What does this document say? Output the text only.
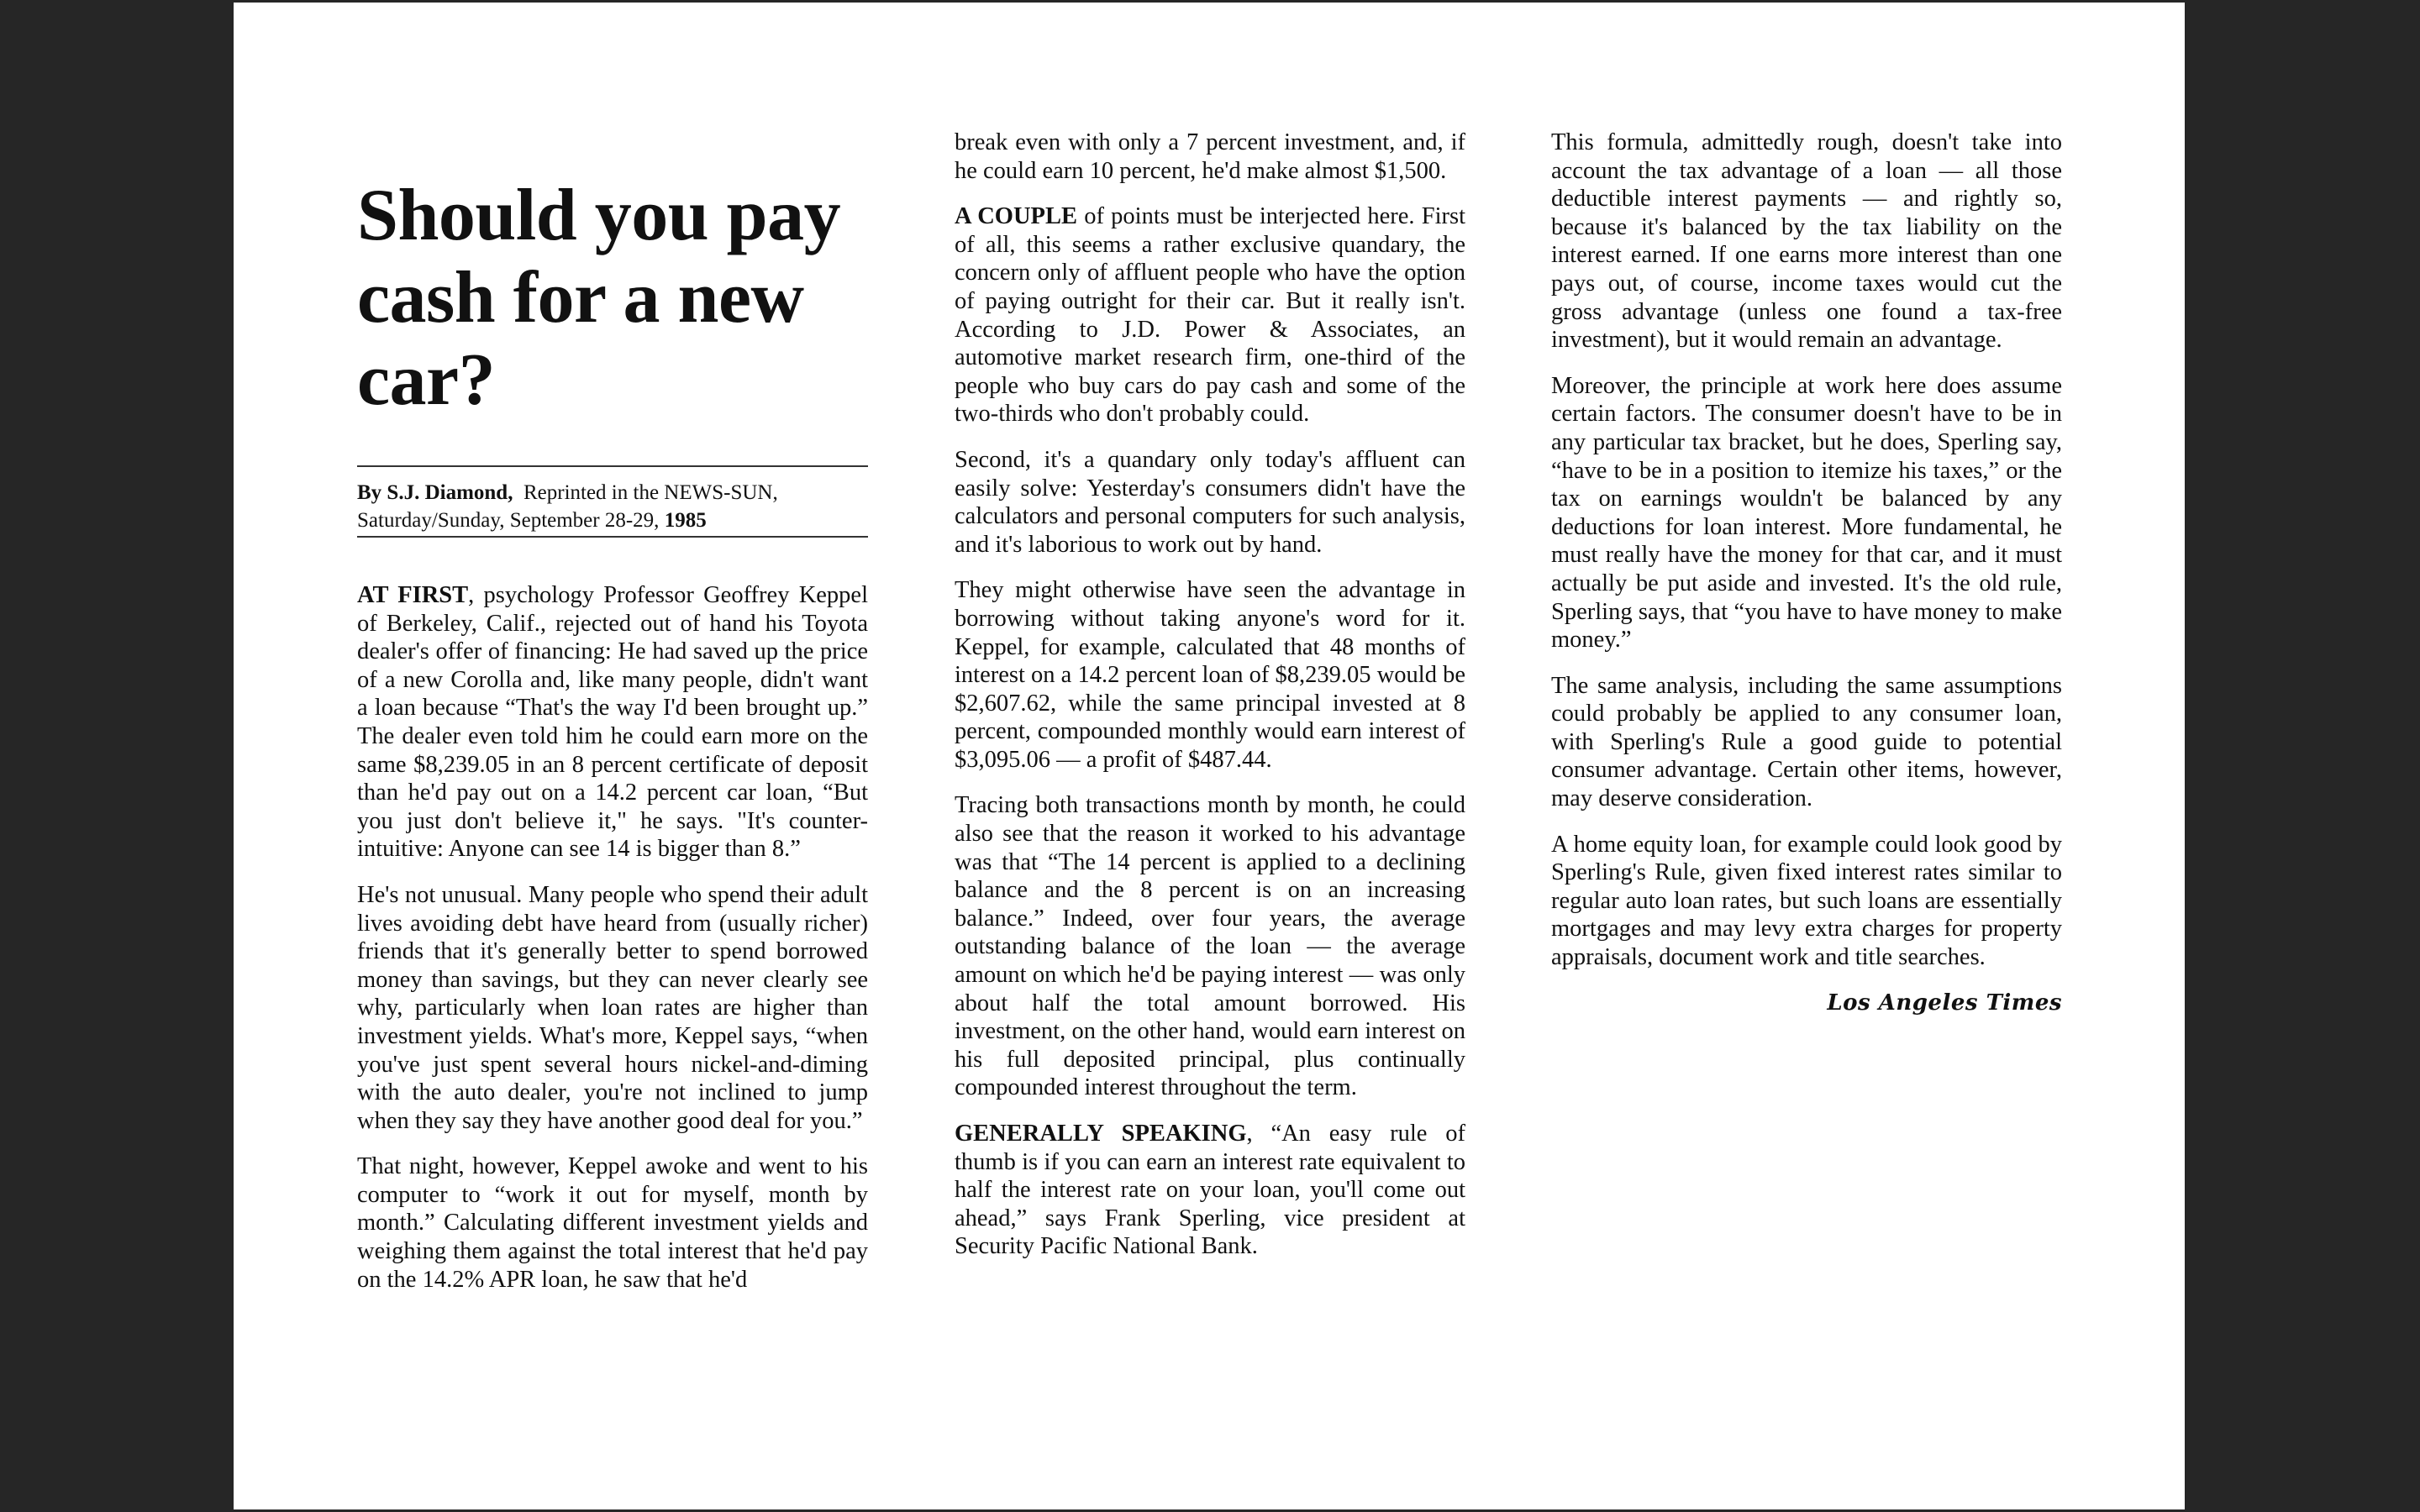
Should you pay cash for a new car?
By S.J. Diamond, Reprinted in the NEWS-SUN,
Saturday/Sunday, September 28-29, 1985

AT FIRST, psychology Professor Geoffrey Keppel of Berkeley, Calif., rejected out of hand his Toyota dealer's offer of financing: He had saved up the price of a new Corolla and, like many people, didn't want a loan because “That's the way I'd been brought up.” The dealer even told him he could earn more on the same $8,239.05 in an 8 percent certificate of deposit than he'd pay out on a 14.2 percent car loan, “But you just don't believe it," he says. "It's counter-intuitive: Anyone can see 14 is bigger than 8.”

He's not unusual. Many people who spend their adult lives avoiding debt have heard from (usually richer) friends that it's generally better to spend borrowed money than savings, but they can never clearly see why, particularly when loan rates are higher than investment yields. What's more, Keppel says, “when you've just spent several hours nickel-and-diming with the auto dealer, you're not inclined to jump when they say they have another good deal for you.”

That night, however, Keppel awoke and went to his computer to “work it out for myself, month by month.” Calculating different investment yields and weighing them against the total interest that he'd pay on the 14.2% APR loan, he saw that he'd

break even with only a 7 percent investment, and, if he could earn 10 percent, he'd make almost $1,500.

A COUPLE of points must be interjected here. First of all, this seems a rather exclusive quandary, the concern only of affluent people who have the option of paying outright for their car. But it really isn't. According to J.D. Power & Associates, an automotive market research firm, one-third of the people who buy cars do pay cash and some of the two-thirds who don't probably could.

Second, it's a quandary only today's affluent can easily solve: Yesterday's consumers didn't have the calculators and personal computers for such analysis, and it's laborious to work out by hand.

They might otherwise have seen the advantage in borrowing without taking anyone's word for it. Keppel, for example, calculated that 48 months of interest on a 14.2 percent loan of $8,239.05 would be $2,607.62, while the same principal invested at 8 percent, compounded monthly would earn interest of $3,095.06 — a profit of $487.44.

Tracing both transactions month by month, he could also see that the reason it worked to his advantage was that “The 14 percent is applied to a declining balance and the 8 percent is on an increasing balance.” Indeed, over four years, the average outstanding balance of the loan — the average amount on which he'd be paying interest — was only about half the total amount borrowed. His investment, on the other hand, would earn interest on his full deposited principal, plus continually compounded interest throughout the term.

GENERALLY SPEAKING, “An easy rule of thumb is if you can earn an interest rate equivalent to half the interest rate on your loan, you'll come out ahead,” says Frank Sperling, vice president at Security Pacific National Bank.

This formula, admittedly rough, doesn't take into account the tax advantage of a loan — all those deductible interest payments — and rightly so, because it's balanced by the tax liability on the interest earned. If one earns more interest than one pays out, of course, income taxes would cut the gross advantage (unless one found a tax-free investment), but it would remain an advantage.

Moreover, the principle at work here does assume certain factors. The consumer doesn't have to be in any particular tax bracket, but he does, Sperling say, “have to be in a position to itemize his taxes,” or the tax on earnings wouldn't be balanced by any deductions for loan interest. More fundamental, he must really have the money for that car, and it must actually be put aside and invested. It's the old rule, Sperling says, that “you have to have money to make money.”

The same analysis, including the same assumptions could probably be applied to any consumer loan, with Sperling's Rule a good guide to potential consumer advantage. Certain other items, however, may deserve consideration.

A home equity loan, for example could look good by Sperling's Rule, given fixed interest rates similar to regular auto loan rates, but such loans are essentially mortgages and may levy extra charges for property appraisals, document work and title searches.

Los Angeles Times
